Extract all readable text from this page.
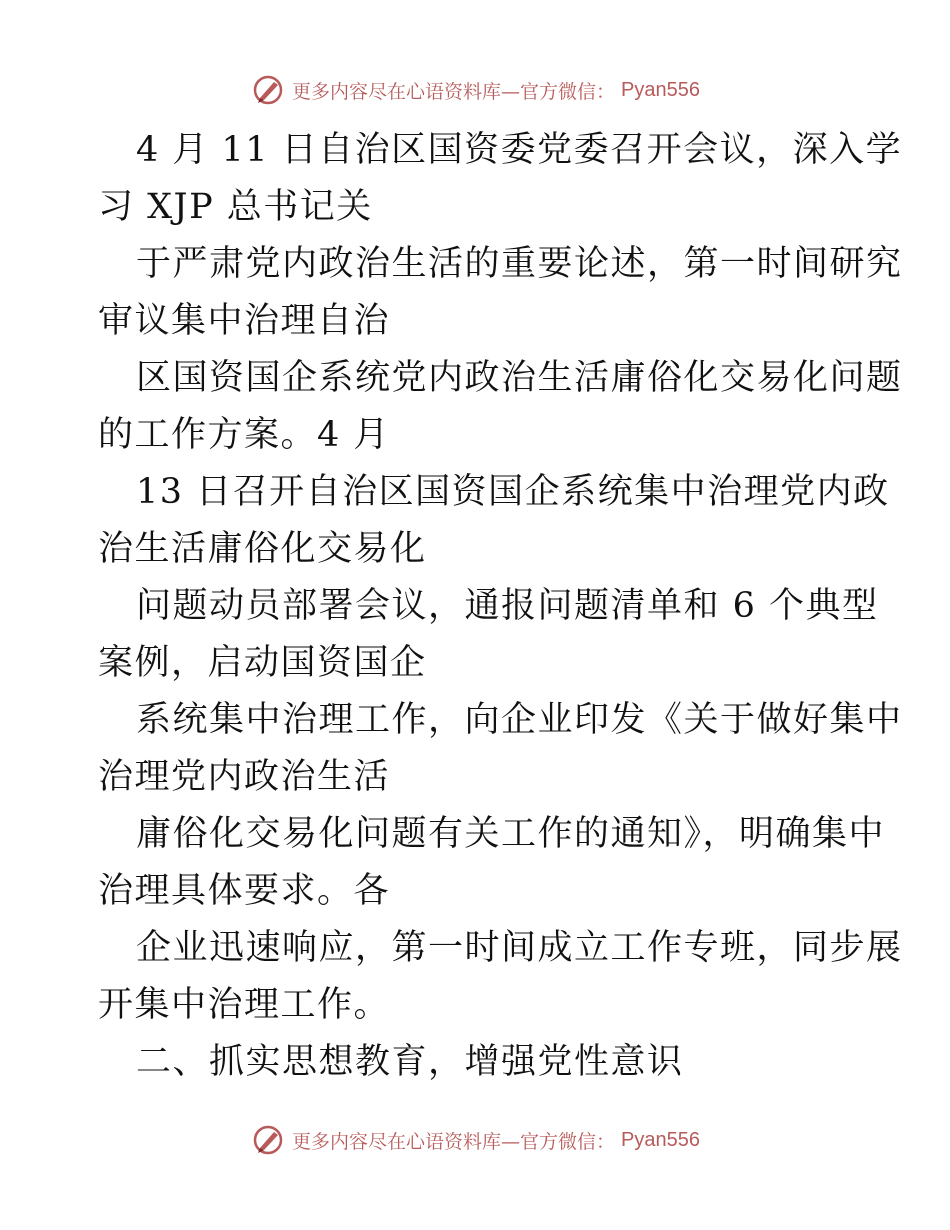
更多内容尽在心语资料库—官方微信： Pyan556

4 月 11 日自治区国资委党委召开会议，深入学
习 XJP 总书记关

于严肃党内政治生活的重要论述，第一时间研究
审议集中治理自治

区国资国企系统党内政治生活庸俗化交易化问题
的工作方案。4 月

13 日召开自治区国资国企系统集中治理党内政
治生活庸俗化交易化

问题动员部署会议，通报问题清单和 6 个典型
案例，启动国资国企

系统集中治理工作，向企业印发《关于做好集中
治理党内政治生活

庸俗化交易化问题有关工作的通知》，明确集中
治理具体要求。各

企业迅速响应，第一时间成立工作专班，同步展
开集中治理工作。

二、抓实思想教育，增强党性意识

更多内容尽在心语资料库—官方微信： Pyan556
